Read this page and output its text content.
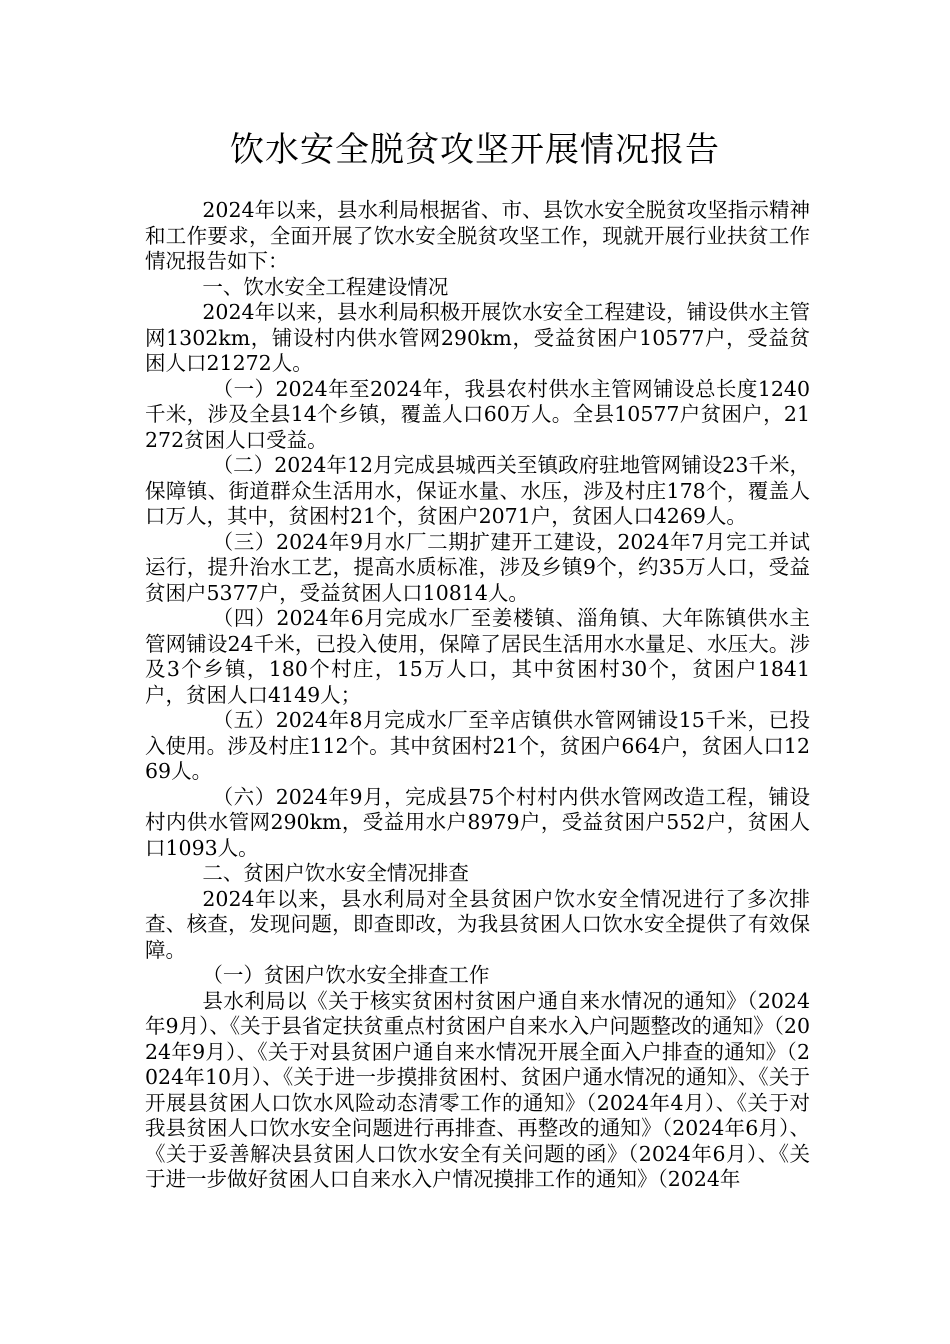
饮水安全脱贫攻坚开展情况报告

2024年以来，县水利局根据省、市、县饮水安全脱贫攻坚指示精神和工作要求，全面开展了饮水安全脱贫攻坚工作，现就开展行业扶贫工作情况报告如下：

一、饮水安全工程建设情况

2024年以来，县水利局积极开展饮水安全工程建设，铺设供水主管网1302km，铺设村内供水管网290km，受益贫困户10577户，受益贫困人口21272人。

（一）2024年至2024年，我县农村供水主管网铺设总长度1240千米，涉及全县14个乡镇，覆盖人口60万人。全县10577户贫困户，21272贫困人口受益。

（二）2024年12月完成县城西关至镇政府驻地管网铺设23千米，保障镇、街道群众生活用水，保证水量、水压，涉及村庄178个，覆盖人口万人，其中，贫困村21个，贫困户2071户，贫困人口4269人。

（三）2024年9月水厂二期扩建开工建设，2024年7月完工并试运行，提升治水工艺，提高水质标准，涉及乡镇9个，约35万人口，受益贫困户5377户，受益贫困人口10814人。

（四）2024年6月完成水厂至姜楼镇、淄角镇、大年陈镇供水主管网铺设24千米，已投入使用，保障了居民生活用水水量足、水压大。涉及3个乡镇，180个村庄，15万人口，其中贫困村30个，贫困户1841户，贫困人口4149人；

（五）2024年8月完成水厂至辛店镇供水管网铺设15千米，已投入使用。涉及村庄112个。其中贫困村21个，贫困户664户，贫困人口1269人。

（六）2024年9月，完成县75个村村内供水管网改造工程，铺设村内供水管网290km，受益用水户8979户，受益贫困户552户，贫困人口1093人。

二、贫困户饮水安全情况排查

2024年以来，县水利局对全县贫困户饮水安全情况进行了多次排查、核查，发现问题，即查即改，为我县贫困人口饮水安全提供了有效保障。

（一）贫困户饮水安全排查工作

县水利局以《关于核实贫困村贫困户通自来水情况的通知》（2024年9月）、《关于县省定扶贫重点村贫困户自来水入户问题整改的通知》（2024年9月）、《关于对县贫困户通自来水情况开展全面入户排查的通知》（2024年10月）、《关于进一步摸排贫困村、贫困户通水情况的通知》、《关于开展县贫困人口饮水风险动态清零工作的通知》（2024年4月）、《关于对我县贫困人口饮水安全问题进行再排查、再整改的通知》（2024年6月）、《关于妥善解决县贫困人口饮水安全有关问题的函》（2024年6月）、《关于进一步做好贫困人口自来水入户情况摸排工作的通知》（2024年
